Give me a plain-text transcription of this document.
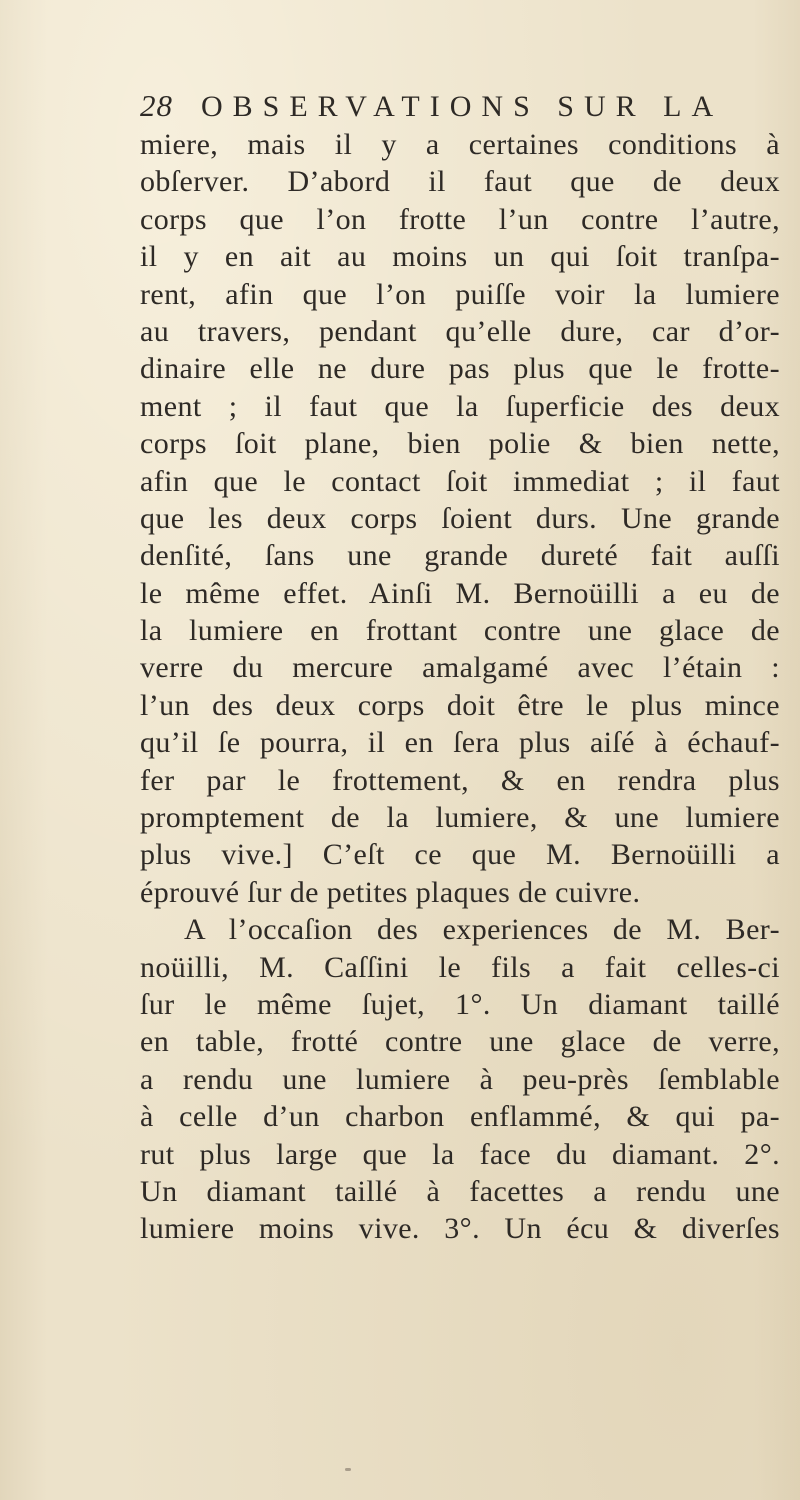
28 OBSERVATIONS SUR LA
miere, mais il y a certaines conditions à
obſerver. D’abord il faut que de deux
corps que l’on frotte l’un contre l’autre,
il y en ait au moins un qui ſoit tranſpa-
rent, afin que l’on puiſſe voir la lumiere
au travers, pendant qu’elle dure, car d’or-
dinaire elle ne dure pas plus que le frotte-
ment ; il faut que la ſuperficie des deux
corps ſoit plane, bien polie & bien nette,
afin que le contact ſoit immediat ; il faut
que les deux corps ſoient durs. Une grande
denſité, ſans une grande dureté fait auſſi
le même effet. Ainſi M. Bernoüilli a eu de
la lumiere en frottant contre une glace de
verre du mercure amalgamé avec l’étain :
l’un des deux corps doit être le plus mince
qu’il ſe pourra, il en ſera plus aiſé à échauf-
fer par le frottement, & en rendra plus
promptement de la lumiere, & une lumiere
plus vive.] C’eſt ce que M. Bernoüilli a
éprouvé ſur de petites plaques de cuivre.
A l’occaſion des experiences de M. Ber-
noüilli, M. Caſſini le fils a fait celles-ci
ſur le même ſujet, 1°. Un diamant taillé
en table, frotté contre une glace de verre,
a rendu une lumiere à peu-près ſemblable
à celle d’un charbon enflammé, & qui pa-
rut plus large que la face du diamant. 2°.
Un diamant taillé à facettes a rendu une
lumiere moins vive. 3°. Un écu & diverſes
